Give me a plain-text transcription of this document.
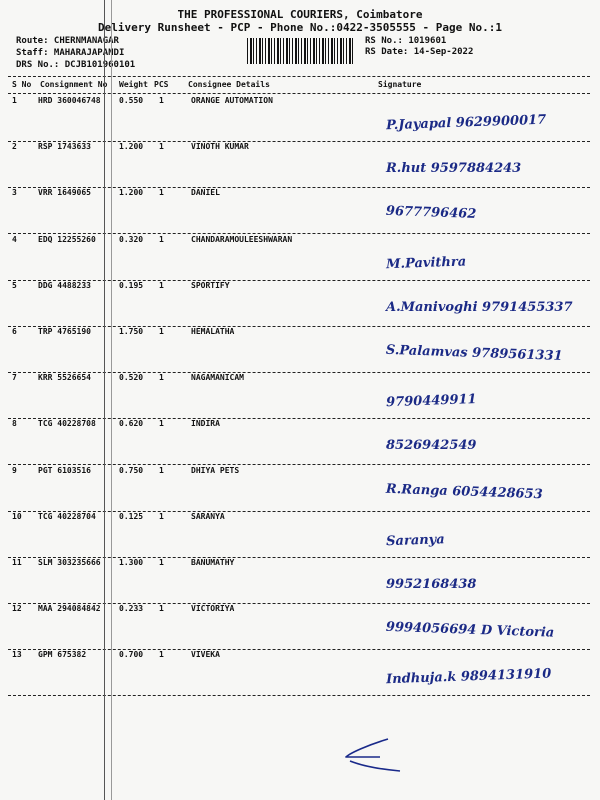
THE PROFESSIONAL COURIERS, Coimbatore
Delivery Runsheet - PCP - Phone No.:0422-3505555 - Page No.:1
Route: CHERNMANAGAR
Staff: MAHARAJAPANDI
DRS No.: DCJB101960101
RS No.: 1019601
RS Date: 14-Sep-2022
S No Consignment No Weight PCS Consignee Details	Signature
1	HRD 360046748 0.550 1	ORANGE AUTOMATION
P.Jayapal 9629900017
2	RSP 1743633	1.200 1	VINOTH KUMAR
R.hut 9597884243
3	VRR 1649065	1.200 1	DANIEL
9677796462
4	EDQ 12255260	0.320 1	CHANDARAMOULEESHWARAN
M.Pavithra
5	DDG 4488233	0.195 1	SPORTIFY
A.Manivoghi 9791455337
6	TRP 4765190	1.750 1	HEMALATHA
S.Palamvas 9789561331
7	KRR 5526654	0.520 1	NAGAMANICAM
9790449911
8	TCG 40228708	0.620 1	INDIRA
8526942549
9	PGT 6103516	0.750 1	DHIYA PETS
R.Ranga 6054428653
10 TCG 40228704	0.125 1	SARANYA
Saranya
11 SLM 303235666 1.300 1	BANUMATHY
9952168438
12 MAA 294084842 0.233 1	VICTORIYA
9994056694 D Victoria
13 GPM 675382	0.700 1	VIVEKA
Indhuja.k 9894131910
